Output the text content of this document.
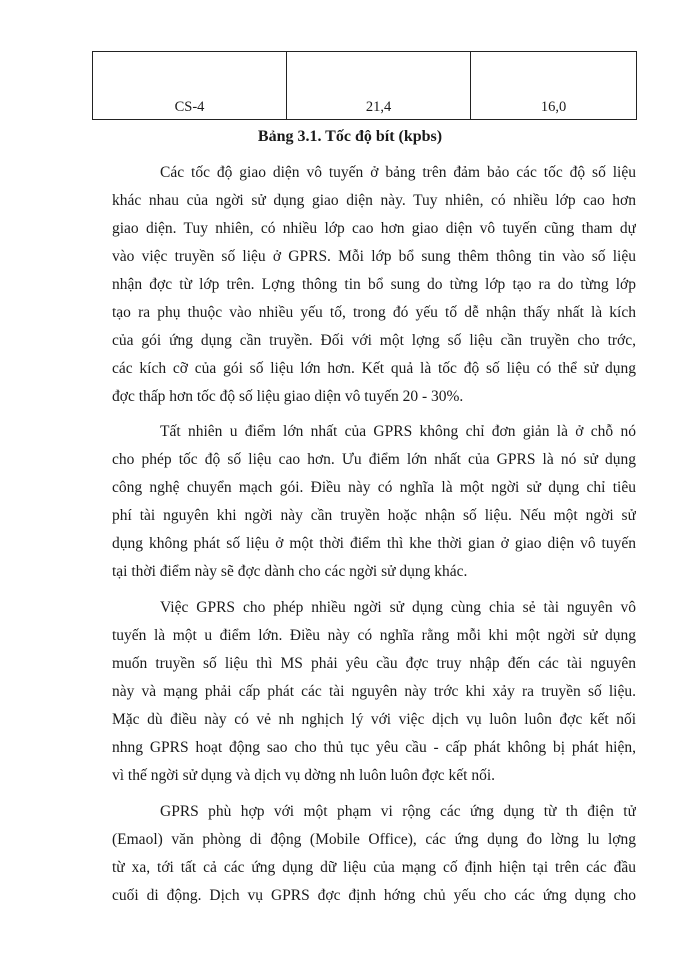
CS-4	21,4	16,0
Bảng 3.1. Tốc độ bít (kpbs)
Các tốc độ giao diện vô tuyến ở bảng trên đảm bảo các tốc độ số liệu
khác nhau của ngời sử dụng giao diện này. Tuy nhiên, có nhiều lớp cao hơn
giao diện. Tuy nhiên, có nhiều lớp cao hơn giao diện vô tuyến cũng tham dự
vào việc truyền số liệu ở GPRS. Mỗi lớp bổ sung thêm thông tin vào số liệu
nhận đợc từ lớp trên. Lợng thông tin bổ sung do từng lớp tạo ra do từng lớp
tạo ra phụ thuộc vào nhiều yếu tố, trong đó yếu tố dễ nhận thấy nhất là kích
của gói ứng dụng cần truyền. Đối với một lợng số liệu cần truyền cho trớc,
các kích cỡ của gói số liệu lớn hơn. Kết quả là tốc độ số liệu có thể sử dụng
đợc thấp hơn tốc độ số liệu giao diện vô tuyến 20 - 30%.
Tất nhiên u điểm lớn nhất của GPRS không chỉ đơn giản là ở chỗ nó
cho phép tốc độ số liệu cao hơn. Ưu điểm lớn nhất của GPRS là nó sử dụng
công nghệ chuyển mạch gói. Điều này có nghĩa là một ngời sử dụng chỉ tiêu
phí tài nguyên khi ngời này cần truyền hoặc nhận số liệu. Nếu một ngời sử
dụng không phát số liệu ở một thời điểm thì khe thời gian ở giao diện vô tuyến
tại thời điểm này sẽ đợc dành cho các ngời sử dụng khác.
Việc GPRS cho phép nhiều ngời sử dụng cùng chia sẻ tài nguyên vô
tuyến là một u điểm lớn. Điều này có nghĩa rằng mỗi khi một ngời sử dụng
muốn truyền số liệu thì MS phải yêu cầu đợc truy nhập đến các tài nguyên
này và mạng phải cấp phát các tài nguyên này trớc khi xảy ra truyền số liệu.
Mặc dù điều này có vẻ nh nghịch lý với việc dịch vụ luôn luôn đợc kết nối
nhng GPRS hoạt động sao cho thủ tục yêu cầu - cấp phát không bị phát hiện,
vì thế ngời sử dụng và dịch vụ dờng nh luôn luôn đợc kết nối.
GPRS phù hợp với một phạm vi rộng các ứng dụng từ th điện tử
(Emaol) văn phòng di động (Mobile Office), các ứng dụng đo lờng lu lợng
từ xa, tới tất cả các ứng dụng dữ liệu của mạng cố định hiện tại trên các đầu
cuối di động. Dịch vụ GPRS đợc định hớng chủ yếu cho các ứng dụng cho
